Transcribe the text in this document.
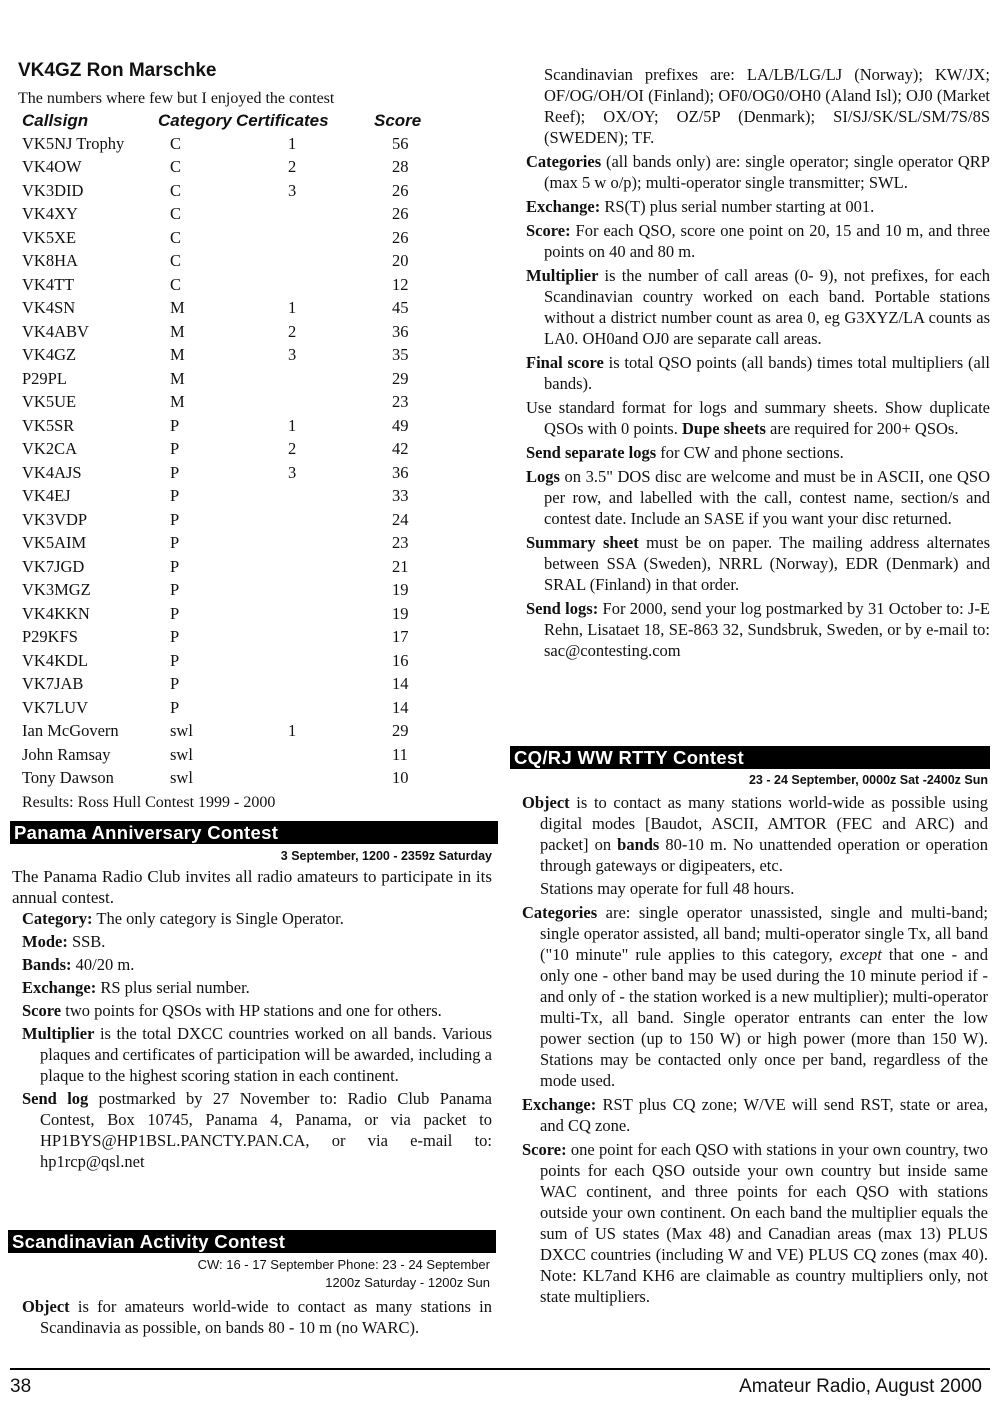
VK4GZ Ron Marschke
The numbers where few but I enjoyed the contest
Callsign	Category	Certificates	Score
VK5NJ Trophy	C	1	56
VK4OW	C	2	28
VK3DID	C	3	26
VK4XY	C		26
VK5XE	C		26
VK8HA	C		20
VK4TT	C		12
VK4SN	M	1	45
VK4ABV	M	2	36
VK4GZ	M	3	35
P29PL	M		29
VK5UE	M		23
VK5SR	P	1	49
VK2CA	P	2	42
VK4AJS	P	3	36
VK4EJ	P		33
VK3VDP	P		24
VK5AIM	P		23
VK7JGD	P		21
VK3MGZ	P		19
VK4KKN	P		19
P29KFS	P		17
VK4KDL	P		16
VK7JAB	P		14
VK7LUV	P		14
Ian McGovern	swl	1	29
John Ramsay	swl		11
Tony Dawson	swl		10
Results: Ross Hull Contest 1999 - 2000
Panama Anniversary Contest
3 September, 1200 - 2359z Saturday

The Panama Radio Club invites all radio amateurs to participate in its annual contest.

Category: The only category is Single Operator.

Mode: SSB.

Bands: 40/20 m.

Exchange: RS plus serial number.

Score two points for QSOs with HP stations and one for others.

Multiplier is the total DXCC countries worked on all bands. Various plaques and certificates of participation will be awarded, including a plaque to the highest scoring station in each continent.

Send log postmarked by 27 November to: Radio Club Panama Contest, Box 10745, Panama 4, Panama, or via packet to HP1BYS@HP1BSL.PANCTY.PAN.CA, or via e-mail to: hp1rcp@qsl.net

Scandinavian Activity Contest
CW: 16 - 17 September Phone: 23 - 24 September
1200z Saturday - 1200z Sun

Object is for amateurs world-wide to contact as many stations in Scandinavia as possible, on bands 80 - 10 m (no WARC).

Scandinavian prefixes are: LA/LB/LG/LJ (Norway); KW/JX; OF/OG/OH/OI (Finland); OF0/OG0/OH0 (Aland Isl); OJ0 (Market Reef); OX/OY; OZ/5P (Denmark); SI/SJ/SK/SL/SM/7S/8S (SWEDEN); TF.

Categories (all bands only) are: single operator; single operator QRP (max 5 w o/p); multi-operator single transmitter; SWL.

Exchange: RS(T) plus serial number starting at 001.

Score: For each QSO, score one point on 20, 15 and 10 m, and three points on 40 and 80 m.

Multiplier is the number of call areas (0- 9), not prefixes, for each Scandinavian country worked on each band. Portable stations without a district number count as area 0, eg G3XYZ/LA counts as LA0. OH0and OJ0 are separate call areas.

Final score is total QSO points (all bands) times total multipliers (all bands).

Use standard format for logs and summary sheets. Show duplicate QSOs with 0 points. Dupe sheets are required for 200+ QSOs.

Send separate logs for CW and phone sections.

Logs on 3.5" DOS disc are welcome and must be in ASCII, one QSO per row, and labelled with the call, contest name, section/s and contest date. Include an SASE if you want your disc returned.

Summary sheet must be on paper. The mailing address alternates between SSA (Sweden), NRRL (Norway), EDR (Denmark) and SRAL (Finland) in that order.

Send logs: For 2000, send your log postmarked by 31 October to: J-E Rehn, Lisataet 18, SE-863 32, Sundsbruk, Sweden, or by e-mail to: sac@contesting.com

CQ/RJ WW RTTY Contest
23 - 24 September, 0000z Sat -2400z Sun

Object is to contact as many stations world-wide as possible using digital modes [Baudot, ASCII, AMTOR (FEC and ARC) and packet] on bands 80-10 m. No unattended operation or operation through gateways or digipeaters, etc.

Stations may operate for full 48 hours.

Categories are: single operator unassisted, single and multi-band; single operator assisted, all band; multi-operator single Tx, all band ("10 minute" rule applies to this category, except that one - and only one - other band may be used during the 10 minute period if - and only of - the station worked is a new multiplier); multi-operator multi-Tx, all band. Single operator entrants can enter the low power section (up to 150 W) or high power (more than 150 W). Stations may be contacted only once per band, regardless of the mode used.

Exchange: RST plus CQ zone; W/VE will send RST, state or area, and CQ zone.

Score: one point for each QSO with stations in your own country, two points for each QSO outside your own country but inside same WAC continent, and three points for each QSO with stations outside your own continent. On each band the multiplier equals the sum of US states (Max 48) and Canadian areas (max 13) PLUS DXCC countries (including W and VE) PLUS CQ zones (max 40). Note: KL7and KH6 are claimable as country multipliers only, not state multipliers.

38	Amateur Radio, August 2000
